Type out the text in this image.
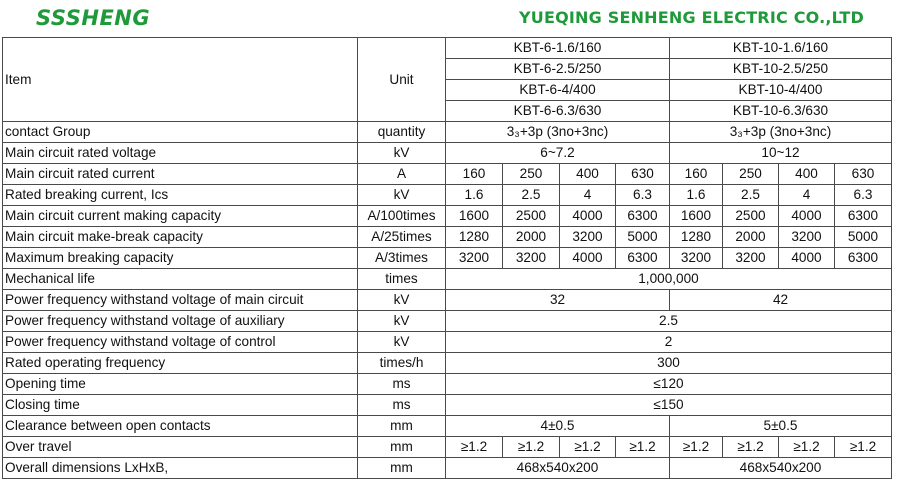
SSSHENG	YUEQING SENHENG ELECTRIC CO.,LTD
Item	Unit	KBT-6-1.6/160				KBT-10-1.6/160			
		KBT-6-2.5/250				KBT-10-2.5/250			
		KBT-6-4/400				KBT-10-4/400			
		KBT-6-6.3/630				KBT-10-6.3/630			
contact Group	quantity	3₃+3p (3no+3nc)				3₃+3p (3no+3nc)			
Main circuit rated voltage	kV	6~7.2				10~12			
Main circuit rated current	A	160	250	400	630	160	250	400	630
Rated breaking current, Ics	kV	1.6	2.5	4	6.3	1.6	2.5	4	6.3
Main circuit current making capacity	A/100times	1600	2500	4000	6300	1600	2500	4000	6300
Main circuit make-break capacity	A/25times	1280	2000	3200	5000	1280	2000	3200	5000
Maximum breaking capacity	A/3times	3200	3200	4000	6300	3200	3200	4000	6300
Mechanical life	times	1,000,000							
Power frequency withstand voltage of main circuit	kV	32				42			
Power frequency withstand voltage of auxiliary	kV	2.5							
Power frequency withstand voltage of control	kV	2							
Rated operating frequency	times/h	300							
Opening time	ms	≤120							
Closing time	ms	≤150							
Clearance between open contacts	mm	4±0.5				5±0.5			
Over travel	mm	≥1.2	≥1.2	≥1.2	≥1.2	≥1.2	≥1.2	≥1.2	≥1.2
Overall dimensions LxHxB,	mm	468x540x200				468x540x200			
